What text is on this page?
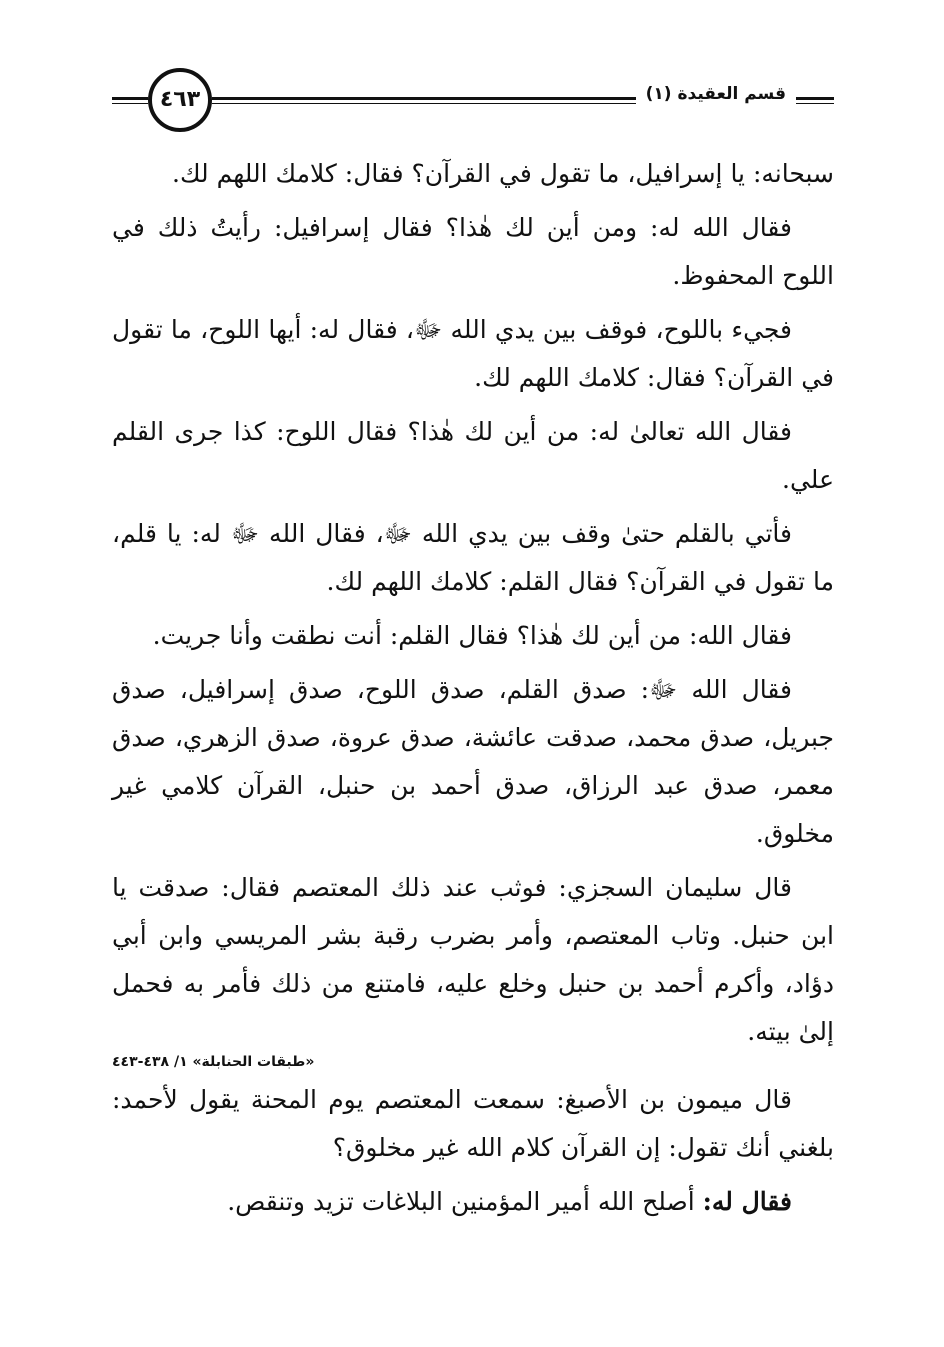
قسم العقيدة (١)
٤٦٣

سبحانه: يا إسرافيل، ما تقول في القرآن؟ فقال: كلامك اللهم لك.

فقال الله له: ومن أين لك هٰذا؟ فقال إسرافيل: رأيتُ ذلك في اللوح المحفوظ.

فجيء باللوح، فوقف بين يدي الله ﷻ، فقال له: أيها اللوح، ما تقول في القرآن؟ فقال: كلامك اللهم لك.

فقال الله تعالىٰ له: من أين لك هٰذا؟ فقال اللوح: كذا جرى القلم علي.

فأتي بالقلم حتىٰ وقف بين يدي الله ﷻ، فقال الله ﷻ له: يا قلم، ما تقول في القرآن؟ فقال القلم: كلامك اللهم لك.

فقال الله: من أين لك هٰذا؟ فقال القلم: أنت نطقت وأنا جريت.

فقال الله ﷻ: صدق القلم، صدق اللوح، صدق إسرافيل، صدق جبريل، صدق محمد، صدقت عائشة، صدق عروة، صدق الزهري، صدق معمر، صدق عبد الرزاق، صدق أحمد بن حنبل، القرآن كلامي غير مخلوق.

قال سليمان السجزي: فوثب عند ذلك المعتصم فقال: صدقت يا ابن حنبل. وتاب المعتصم، وأمر بضرب رقبة بشر المريسي وابن أبي دؤاد، وأكرم أحمد بن حنبل وخلع عليه، فامتنع من ذلك فأمر به فحمل إلىٰ بيته.

«طبقات الحنابلة» ١/ ٤٣٨-٤٤٣

قال ميمون بن الأصبغ: سمعت المعتصم يوم المحنة يقول لأحمد: بلغني أنك تقول: إن القرآن كلام الله غير مخلوق؟

فقال له: أصلح الله أمير المؤمنين البلاغات تزيد وتنقص.
